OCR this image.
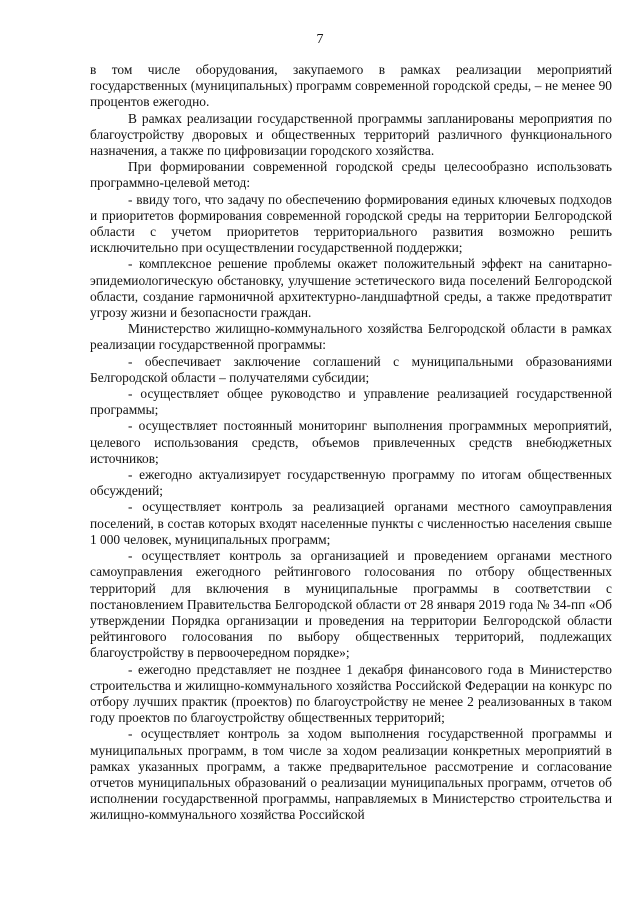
7

в том числе оборудования, закупаемого в рамках реализации мероприятий государственных (муниципальных) программ современной городской среды, – не менее 90 процентов ежегодно.

В рамках реализации государственной программы запланированы мероприятия по благоустройству дворовых и общественных территорий различного функционального назначения, а также по цифровизации городского хозяйства.

При формировании современной городской среды целесообразно использовать программно-целевой метод:

- ввиду того, что задачу по обеспечению формирования единых ключевых подходов и приоритетов формирования современной городской среды на территории Белгородской области с учетом приоритетов территориального развития возможно решить исключительно при осуществлении государственной поддержки;

- комплексное решение проблемы окажет положительный эффект на санитарно-эпидемиологическую обстановку, улучшение эстетического вида поселений Белгородской области, создание гармоничной архитектурно-ландшафтной среды, а также предотвратит угрозу жизни и безопасности граждан.

Министерство жилищно-коммунального хозяйства Белгородской области в рамках реализации государственной программы:

- обеспечивает заключение соглашений с муниципальными образованиями Белгородской области – получателями субсидии;

- осуществляет общее руководство и управление реализацией государственной программы;

- осуществляет постоянный мониторинг выполнения программных мероприятий, целевого использования средств, объемов привлеченных средств внебюджетных источников;

- ежегодно актуализирует государственную программу по итогам общественных обсуждений;

- осуществляет контроль за реализацией органами местного самоуправления поселений, в состав которых входят населенные пункты с численностью населения свыше 1 000 человек, муниципальных программ;

- осуществляет контроль за организацией и проведением органами местного самоуправления ежегодного рейтингового голосования по отбору общественных территорий для включения в муниципальные программы в соответствии с постановлением Правительства Белгородской области от 28 января 2019 года № 34-пп «Об утверждении Порядка организации и проведения на территории Белгородской области рейтингового голосования по выбору общественных территорий, подлежащих благоустройству в первоочередном порядке»;

- ежегодно представляет не позднее 1 декабря финансового года в Министерство строительства и жилищно-коммунального хозяйства Российской Федерации на конкурс по отбору лучших практик (проектов) по благоустройству не менее 2 реализованных в таком году проектов по благоустройству общественных территорий;

- осуществляет контроль за ходом выполнения государственной программы и муниципальных программ, в том числе за ходом реализации конкретных мероприятий в рамках указанных программ, а также предварительное рассмотрение и согласование отчетов муниципальных образований о реализации муниципальных программ, отчетов об исполнении государственной программы, направляемых в Министерство строительства и жилищно-коммунального хозяйства Российской
